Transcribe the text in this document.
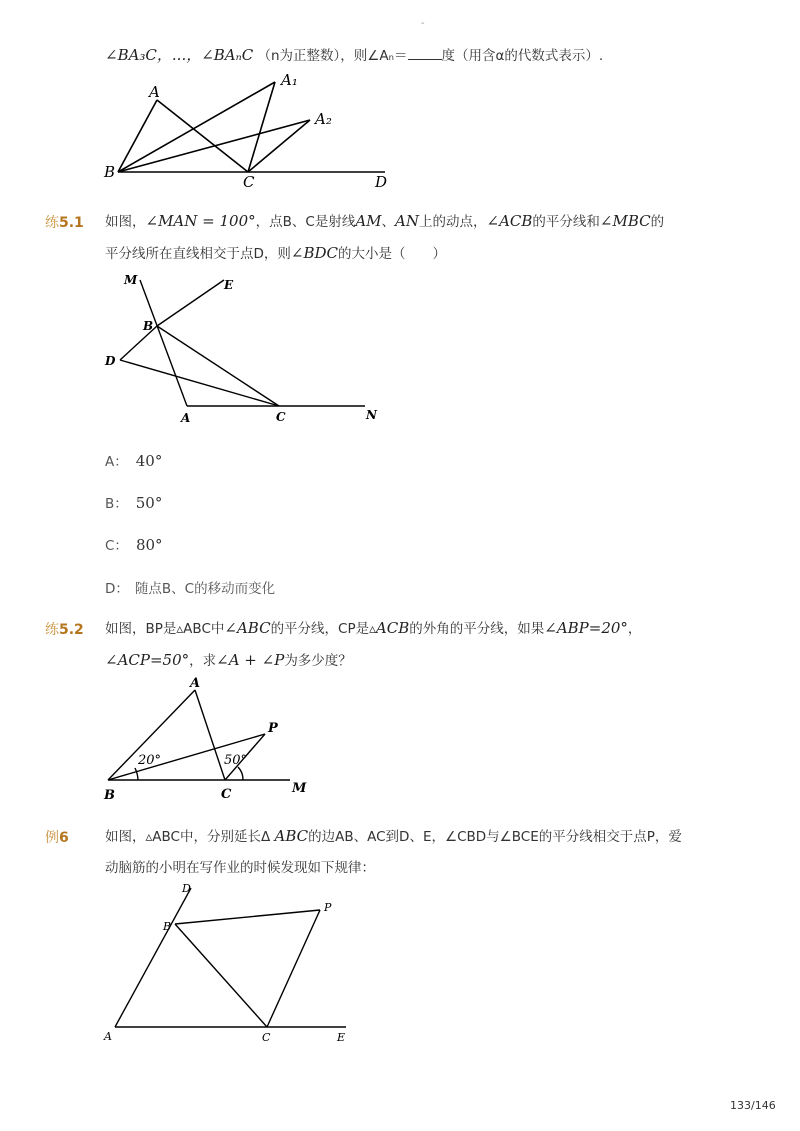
-
∠BA₃C，...，∠BAₙC （n为正整数），则∠Aₙ＝	度（用含α的代数式表示）.
A
A₁
A₂
B
C	D
练5.1 如图，∠MAN = 100°，点B、C是射线AM、AN上的动点，∠ACB的平分线和∠MBC的
平分线所在直线相交于点D，则∠BDC的大小是（　　）
M	E
B
D
A	C	N
A： 40°
B： 50°
C： 80°
D： 随点B、C的移动而变化
练5.2 如图，BP是▵ABC中∠ABC的平分线，CP是▵ACB的外角的平分线，如果∠ABP=20°，
∠ACP=50°，求∠A + ∠P为多少度？
A
P
B	C	M
20°	50°
例6	如图，▵ABC中，分别延长Δ ABC的边AB、AC到D、E，∠CBD与∠BCE的平分线相交于点P，爱
动脑筋的小明在写作业的时候发现如下规律：
D
P
B
A	C	E
133/146
